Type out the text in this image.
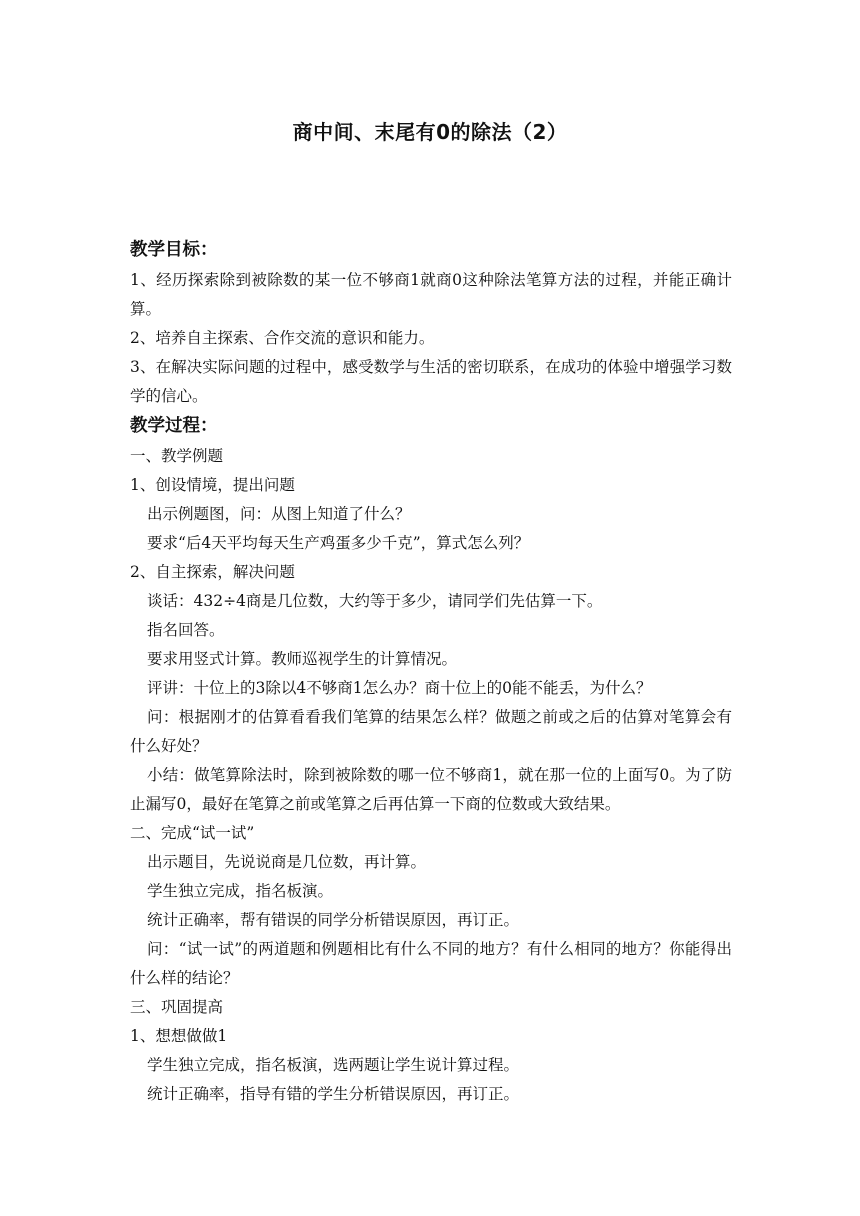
商中间、末尾有0的除法（2）

教学目标：

1、经历探索除到被除数的某一位不够商1就商0这种除法笔算方法的过程，并能正确计算。

2、培养自主探索、合作交流的意识和能力。

3、在解决实际问题的过程中，感受数学与生活的密切联系，在成功的体验中增强学习数学的信心。

教学过程：

一、教学例题

1、创设情境，提出问题

出示例题图，问：从图上知道了什么？

要求“后4天平均每天生产鸡蛋多少千克”，算式怎么列？

2、自主探索，解决问题

谈话：432÷4商是几位数，大约等于多少，请同学们先估算一下。

指名回答。

要求用竖式计算。教师巡视学生的计算情况。

评讲：十位上的3除以4不够商1怎么办？商十位上的0能不能丢，为什么？

问：根据刚才的估算看看我们笔算的结果怎么样？做题之前或之后的估算对笔算会有什么好处？

小结：做笔算除法时，除到被除数的哪一位不够商1，就在那一位的上面写0。为了防止漏写0，最好在笔算之前或笔算之后再估算一下商的位数或大致结果。

二、完成“试一试”

出示题目，先说说商是几位数，再计算。

学生独立完成，指名板演。

统计正确率，帮有错误的同学分析错误原因，再订正。

问：“试一试”的两道题和例题相比有什么不同的地方？有什么相同的地方？你能得出什么样的结论？

三、巩固提高

1、想想做做1

学生独立完成，指名板演，选两题让学生说计算过程。

统计正确率，指导有错的学生分析错误原因，再订正。
